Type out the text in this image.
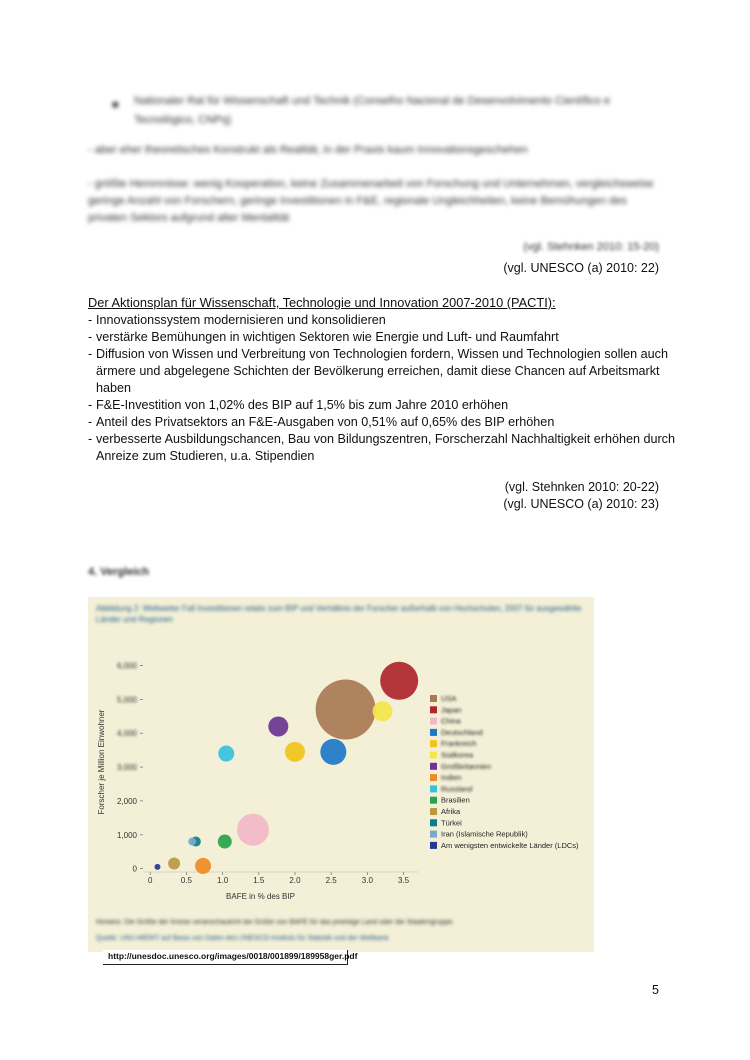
■ Nationaler Rat für Wissenschaft und Technik (Conselho Nacional de Desenvolvimento Científico e Tecnológico, CNPq)
- aber eher theoretisches Konstrukt als Realität, in der Praxis kaum Innovationsgeschehen
- größte Hemmnisse: wenig Kooperation, keine Zusammenarbeit von Forschung und Unternehmen, vergleichsweise geringe Anzahl von Forschern, geringe Investitionen in F&E, regionale Ungleichheiten, keine Bemühungen des privaten Sektors aufgrund alter Mentalität
(vgl. Stehnken 2010: 15-20)
(vgl. UNESCO (a) 2010: 22)
Der Aktionsplan für Wissenschaft, Technologie und Innovation 2007-2010 (PACTI):
- Innovationssystem modernisieren und konsolidieren
- verstärke Bemühungen in wichtigen Sektoren wie Energie und Luft- und Raumfahrt
- Diffusion von Wissen und Verbreitung von Technologien fordern, Wissen und Technologien sollen auch ärmere und abgelegene Schichten der Bevölkerung erreichen, damit diese Chancen auf Arbeitsmarkt haben
- F&E-Investition von 1,02% des BIP auf 1,5% bis zum Jahre 2010 erhöhen
- Anteil des Privatsektors an F&E-Ausgaben von 0,51% auf 0,65% des BIP erhöhen
- verbesserte Ausbildungschancen, Bau von Bildungszentren, Forscherzahl Nachhaltigkeit erhöhen durch Anreize zum Studieren, u.a. Stipendien
(vgl. Stehnken 2010: 20-22)
(vgl. UNESCO (a) 2010: 23)
4. Vergleich
Abbildung 2: Weltweiter Fall Investitionen relativ zum BIP und Verhältnis der Forscher außerhalb von Hochschulen, 2007 für ausgewählte Länder und Regionen
0	0.5	1.0	1.5	2.0	2.5	3.0	3.5
0
1,000
2,000
3,000
4,000
5,000
6,000
BAFE in % des BIP
Forscher je Million Einwohner
USA
Japan
China
Deutschland
Frankreich
Südkorea
Großbritannien
Indien
Russland
Brasilien
Afrika
Türkei
Iran (Islamische Republik)
Am wenigsten entwickelte Länder (LDCs)
Hinweis: Die Größe der Kreise veranschaulicht die Größe von BAFE für das jeweilige Land oder die Staatengruppe.
Quelle: UNU-MERIT auf Basis von Daten des UNESCO-Instituts für Statistik und der Weltbank
http://unesdoc.unesco.org/images/0018/001899/189958ger.pdf
5
